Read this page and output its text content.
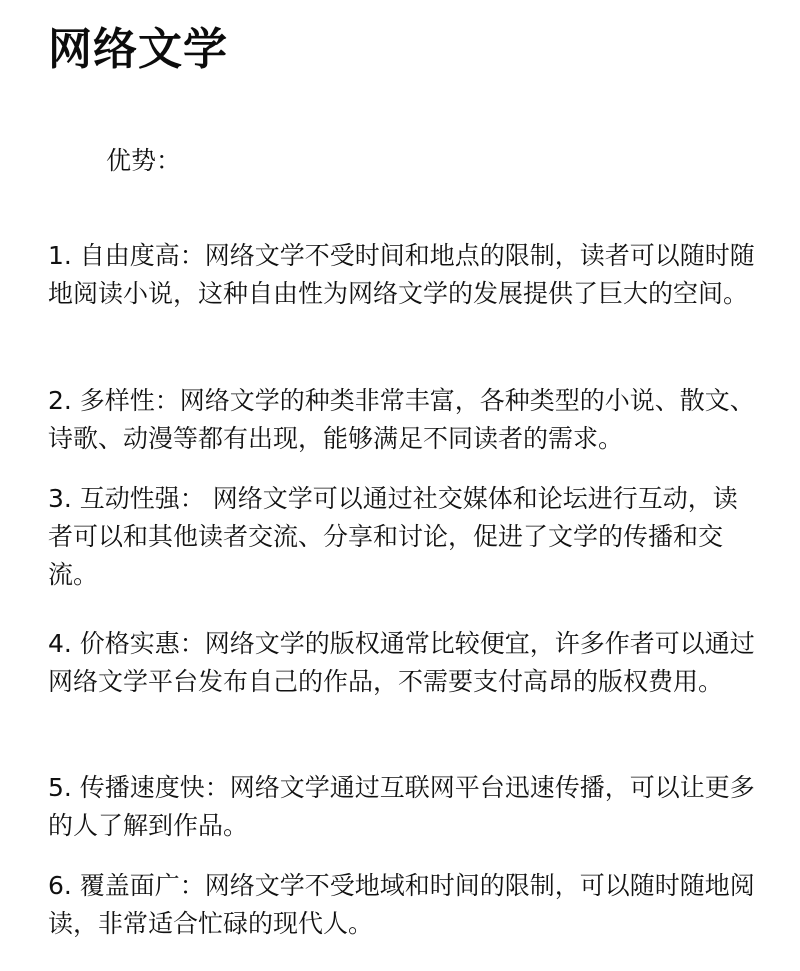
网络文学

优势：

1. 自由度高：网络文学不受时间和地点的限制，读者可以随时随地阅读小说，这种自由性为网络文学的发展提供了巨大的空间。

2. 多样性：网络文学的种类非常丰富，各种类型的小说、散文、诗歌、动漫等都有出现，能够满足不同读者的需求。

3. 互动性强： 网络文学可以通过社交媒体和论坛进行互动，读者可以和其他读者交流、分享和讨论，促进了文学的传播和交流。

4. 价格实惠：网络文学的版权通常比较便宜，许多作者可以通过网络文学平台发布自己的作品，不需要支付高昂的版权费用。

5. 传播速度快：网络文学通过互联网平台迅速传播，可以让更多的人了解到作品。

6. 覆盖面广：网络文学不受地域和时间的限制，可以随时随地阅读，非常适合忙碌的现代人。
